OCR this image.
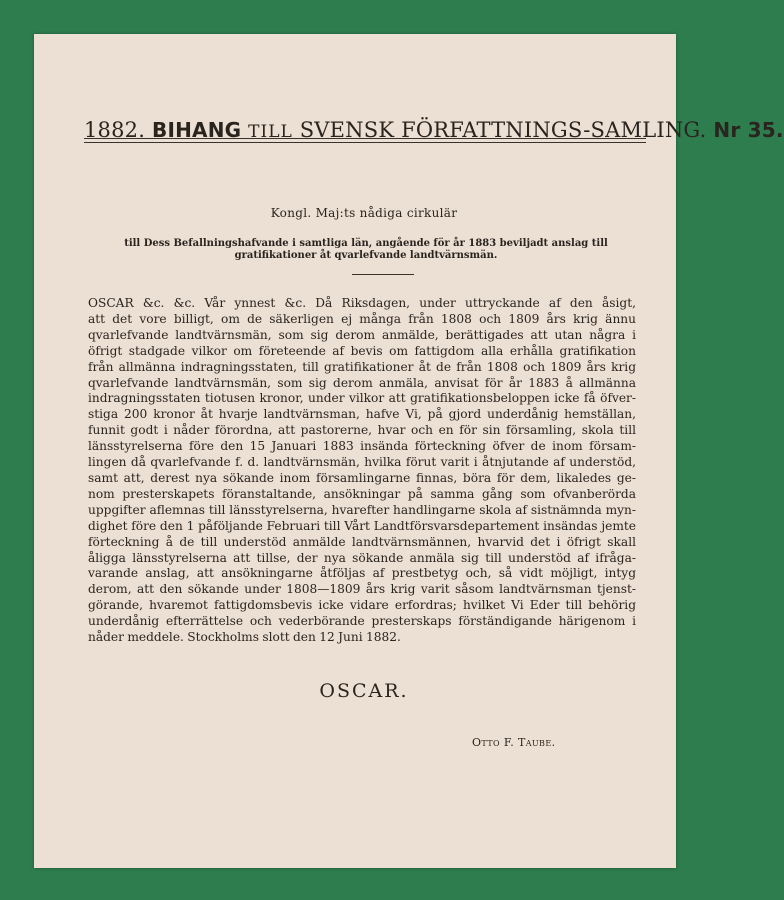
1882. BIHANG TILL SVENSK FÖRFATTNINGS-SAMLING. Nr 35.
Kongl. Maj:ts nådiga cirkulär
till Dess Befallningshafvande i samtliga län, angående för år 1883 beviljadt anslag till
gratifikationer åt qvarlefvande landtvärnsmän.
OSCAR &c. &c. Vår ynnest &c. Då Riksdagen, under uttryckande af den åsigt,
att det vore billigt, om de säkerligen ej många från 1808 och 1809 års krig ännu
qvarlefvande landtvärnsmän, som sig derom anmälde, berättigades att utan några i
öfrigt stadgade vilkor om företeende af bevis om fattigdom alla erhålla gratifikation
från allmänna indragningsstaten, till gratifikationer åt de från 1808 och 1809 års krig
qvarlefvande landtvärnsmän, som sig derom anmäla, anvisat för år 1883 å allmänna
indragningsstaten tiotusen kronor, under vilkor att gratifikationsbeloppen icke få öfver-
stiga 200 kronor åt hvarje landtvärnsman, hafve Vi, på gjord underdånig hemställan,
funnit godt i nåder förordna, att pastorerne, hvar och en för sin församling, skola till
länsstyrelserna före den 15 Januari 1883 insända förteckning öfver de inom försam-
lingen då qvarlefvande f. d. landtvärnsmän, hvilka förut varit i åtnjutande af understöd,
samt att, derest nya sökande inom församlingarne finnas, böra för dem, likaledes ge-
nom presterskapets föranstaltande, ansökningar på samma gång som ofvanberörda
uppgifter aflemnas till länsstyrelserna, hvarefter handlingarne skola af sistnämnda myn-
dighet före den 1 påföljande Februari till Vårt Landtförsvarsdepartement insändas jemte
förteckning å de till understöd anmälde landtvärnsmännen, hvarvid det i öfrigt skall
åligga länsstyrelserna att tillse, der nya sökande anmäla sig till understöd af ifråga-
varande anslag, att ansökningarne åtföljas af prestbetyg och, så vidt möjligt, intyg
derom, att den sökande under 1808—1809 års krig varit såsom landtvärnsman tjenst-
görande, hvaremot fattigdomsbevis icke vidare erfordras; hvilket Vi Eder till behörig
underdånig efterrättelse och vederbörande presterskaps förständigande härigenom i
nåder meddele. Stockholms slott den 12 Juni 1882.
OSCAR.
Otto F. Taube.
